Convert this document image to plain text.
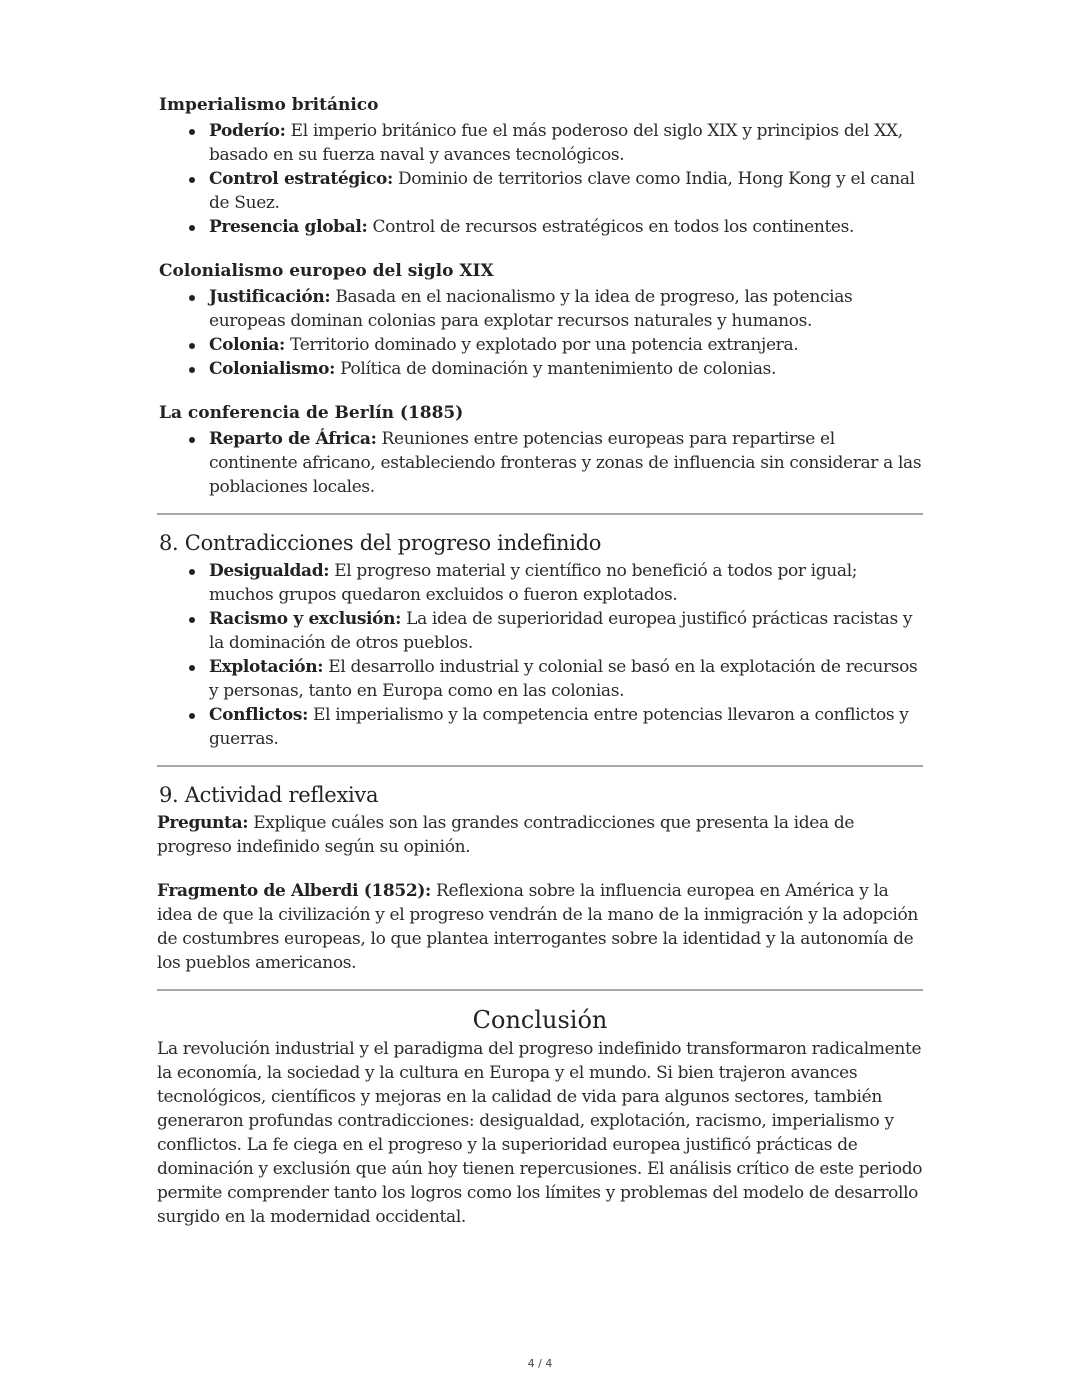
Imperialismo británico
Poderío: El imperio británico fue el más poderoso del siglo XIX y principios del XX, basado en su fuerza naval y avances tecnológicos.
Control estratégico: Dominio de territorios clave como India, Hong Kong y el canal de Suez.
Presencia global: Control de recursos estratégicos en todos los continentes.
Colonialismo europeo del siglo XIX
Justificación: Basada en el nacionalismo y la idea de progreso, las potencias europeas dominan colonias para explotar recursos naturales y humanos.
Colonia: Territorio dominado y explotado por una potencia extranjera.
Colonialismo: Política de dominación y mantenimiento de colonias.
La conferencia de Berlín (1885)
Reparto de África: Reuniones entre potencias europeas para repartirse el continente africano, estableciendo fronteras y zonas de influencia sin considerar a las poblaciones locales.
8. Contradicciones del progreso indefinido
Desigualdad: El progreso material y científico no benefició a todos por igual; muchos grupos quedaron excluidos o fueron explotados.
Racismo y exclusión: La idea de superioridad europea justificó prácticas racistas y la dominación de otros pueblos.
Explotación: El desarrollo industrial y colonial se basó en la explotación de recursos y personas, tanto en Europa como en las colonias.
Conflictos: El imperialismo y la competencia entre potencias llevaron a conflictos y guerras.
9. Actividad reflexiva

Pregunta: Explique cuáles son las grandes contradicciones que presenta la idea de progreso indefinido según su opinión.

Fragmento de Alberdi (1852): Reflexiona sobre la influencia europea en América y la idea de que la civilización y el progreso vendrán de la mano de la inmigración y la adopción de costumbres europeas, lo que plantea interrogantes sobre la identidad y la autonomía de los pueblos americanos.

Conclusión

La revolución industrial y el paradigma del progreso indefinido transformaron radicalmente la economía, la sociedad y la cultura en Europa y el mundo. Si bien trajeron avances tecnológicos, científicos y mejoras en la calidad de vida para algunos sectores, también generaron profundas contradicciones: desigualdad, explotación, racismo, imperialismo y conflictos. La fe ciega en el progreso y la superioridad europea justificó prácticas de dominación y exclusión que aún hoy tienen repercusiones. El análisis crítico de este periodo permite comprender tanto los logros como los límites y problemas del modelo de desarrollo surgido en la modernidad occidental.

4 / 4
